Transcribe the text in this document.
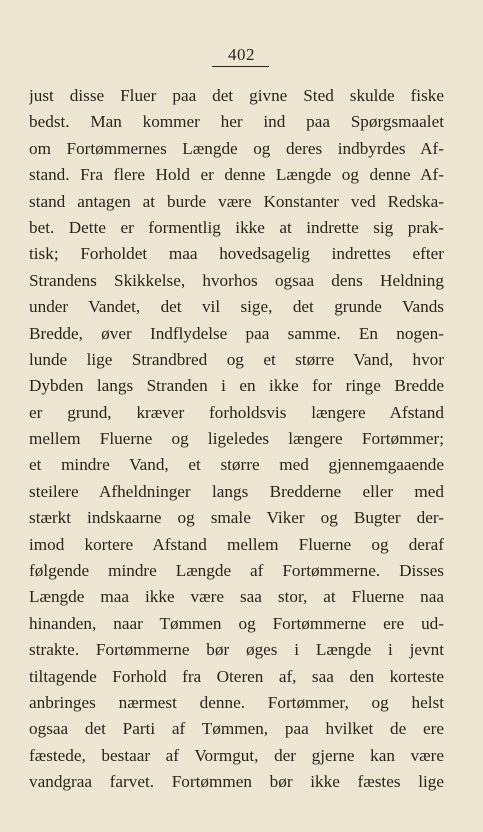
402
just disse Fluer paa det givne Sted skulde fiske
bedst. Man kommer her ind paa Spørgsmaalet
om Fortømmernes Længde og deres indbyrdes Af-
stand. Fra flere Hold er denne Længde og denne Af-
stand antagen at burde være Konstanter ved Redska-
bet. Dette er formentlig ikke at indrette sig prak-
tisk; Forholdet maa hovedsagelig indrettes efter
Strandens Skikkelse, hvorhos ogsaa dens Heldning
under Vandet, det vil sige, det grunde Vands
Bredde, øver Indflydelse paa samme. En nogen-
lunde lige Strandbred og et større Vand, hvor
Dybden langs Stranden i en ikke for ringe Bredde
er grund, kræver forholdsvis længere Afstand
mellem Fluerne og ligeledes længere Fortømmer;
et mindre Vand, et større med gjennemgaaende
steilere Afheldninger langs Bredderne eller med
stærkt indskaarne og smale Viker og Bugter der-
imod kortere Afstand mellem Fluerne og deraf
følgende mindre Længde af Fortømmerne. Disses
Længde maa ikke være saa stor, at Fluerne naa
hinanden, naar Tømmen og Fortømmerne ere ud-
strakte. Fortømmerne bør øges i Længde i jevnt
tiltagende Forhold fra Oteren af, saa den korteste
anbringes nærmest denne. Fortømmer, og helst
ogsaa det Parti af Tømmen, paa hvilket de ere
fæstede, bestaar af Vormgut, der gjerne kan være
vandgraa farvet. Fortømmen bør ikke fæstes lige
